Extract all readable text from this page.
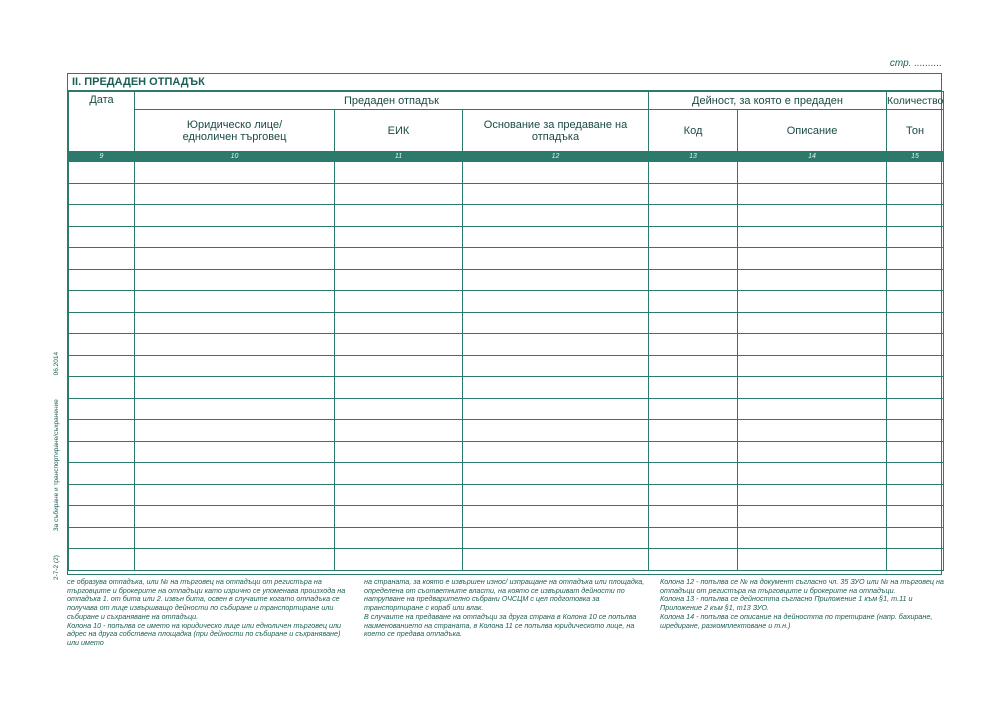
стр. ..........
II. ПРЕДАДЕН ОТПАДЪК
Дата	Предаден отпадък			Дейност, за която е предаден		Количество
	Юридическо лице/ едноличен търговец	ЕИК	Основание за предаване на отпадъка	Код	Описание	Тон
9	10	11	12	13	14	15

2-7-2 (2) За събиране и транспортиране/съхранение 06.2014

се образува отпадъка, или № на търговец на отпадъци от регистъра на търговците и брокерите на отпадъци като изрично се упоменава произхода на отпадъка 1. от бита или 2. извън бита, освен в случаите когато отпадъка се получава от лице извършващо дейности по събиране и транспортиране или събиране и съхраняване на отпадъци.

Колона 10 - попълва се името на юридическо лице или едноличен търговец или адрес на друга собствена площадка (при дейности по събиране и съхраняване) или името

на страната, за която е извършен износ/ изпращане на отпадъка или площадка, определена от съответните власти, на която се извършват дейности по натрупване на предварително събрани ОЧСЦМ с цел подготовка за транспортиране с кораб или влак.

В случаите на предаване на отпадъци за друга страна в Колона 10 се попълва наименованието на страната, в Колона 11 се попълва юридическото лице, на което се предава отпадъка.

Колона 12 - попълва се № на документ съгласно чл. 35 ЗУО или № на търговец на отпадъци от регистъра на търговците и брокерите на отпадъци.

Колона 13 - попълва се дейността съгласно Приложение 1 към §1, т.11 и Приложение 2 към §1, т13 ЗУО.

Колона 14 - попълва се описание на дейността по третиране (напр. бахиране, шредиране, разкомплектоване и т.н.)
